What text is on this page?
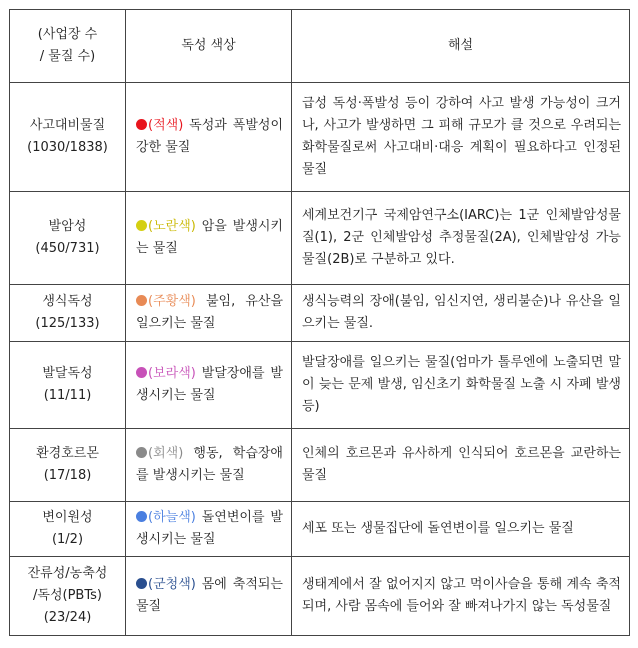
(사업장 수
/ 물질 수)	독성 색상	해설

사고대비물질
(1030/1838)	(적색) 독성과 폭발성이 강한 물질	급성 독성·폭발성 등이 강하여 사고 발생 가능성이 크거나, 사고가 발생하면 그 피해 규모가 클 것으로 우려되는 화학물질로써 사고대비·대응 계획이 필요하다고 인정된 물질

발암성
(450/731)	(노란색) 암을 발생시키는 물질	세계보건기구 국제암연구소(IARC)는 1군 인체발암성물질(1), 2군 인체발암성 추정물질(2A), 인체발암성 가능물질(2B)로 구분하고 있다.

생식독성
(125/133)	(주황색) 불임, 유산을 일으키는 물질	생식능력의 장애(불임, 임신지연, 생리불순)나 유산을 일으키는 물질.

발달독성
(11/11)	(보라색) 발달장애를 발생시키는 물질	발달장애를 일으키는 물질(엄마가 톨루엔에 노출되면 말이 늦는 문제 발생, 임신초기 화학물질 노출 시 자폐 발생 등)

환경호르몬
(17/18)	(회색) 행동, 학습장애를 발생시키는 물질	인체의 호르몬과 유사하게 인식되어 호르몬을 교란하는 물질

변이원성
(1/2)	(하늘색) 돌연변이를 발생시키는 물질	세포 또는 생물집단에 돌연변이를 일으키는 물질

잔류성/농축성
/독성(PBTs)
(23/24)	(군청색) 몸에 축적되는 물질	생태계에서 잘 없어지지 않고 먹이사슬을 통해 계속 축적되며, 사람 몸속에 들어와 잘 빠져나가지 않는 독성물질
